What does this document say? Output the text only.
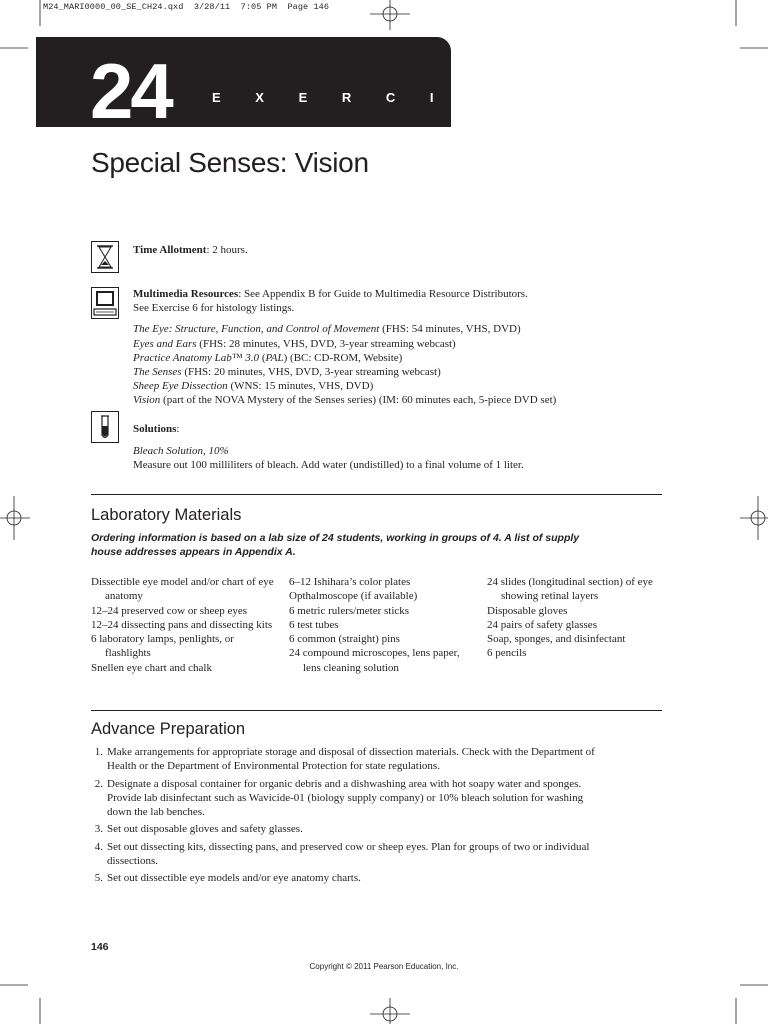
M24_MARI0000_00_SE_CH24.qxd  3/28/11  7:05 PM  Page 146
24	E X E R C I S E
Special Senses: Vision

Time Allotment: 2 hours.

Multimedia Resources: See Appendix B for Guide to Multimedia Resource Distributors.

See Exercise 6 for histology listings.

The Eye: Structure, Function, and Control of Movement (FHS: 54 minutes, VHS, DVD)

Eyes and Ears (FHS: 28 minutes, VHS, DVD, 3-year streaming webcast)

Practice Anatomy Lab™ 3.0 (PAL) (BC: CD-ROM, Website)

The Senses (FHS: 20 minutes, VHS, DVD, 3-year streaming webcast)

Sheep Eye Dissection (WNS: 15 minutes, VHS, DVD)

Vision (part of the NOVA Mystery of the Senses series) (IM: 60 minutes each, 5-piece DVD set)

Solutions:

Bleach Solution, 10%

Measure out 100 milliliters of bleach. Add water (undistilled) to a final volume of 1 liter.

Laboratory Materials

Ordering information is based on a lab size of 24 students, working in groups of 4. A list of supply house addresses appears in Appendix A.

Dissectible eye model and/or chart of eye anatomy
12–24 preserved cow or sheep eyes
12–24 dissecting pans and dissecting kits
6 laboratory lamps, penlights, or flashlights
Snellen eye chart and chalk
6–12 Ishihara’s color plates
Opthalmoscope (if available)
6 metric rulers/meter sticks
6 test tubes
6 common (straight) pins
24 compound microscopes, lens paper, lens cleaning solution
24 slides (longitudinal section) of eye showing retinal layers
Disposable gloves
24 pairs of safety glasses
Soap, sponges, and disinfectant
6 pencils
Advance Preparation
1. Make arrangements for appropriate storage and disposal of dissection materials. Check with the Department of Health or the Department of Environmental Protection for state regulations.
2. Designate a disposal container for organic debris and a dishwashing area with hot soapy water and sponges. Provide lab disinfectant such as Wavicide-01 (biology supply company) or 10% bleach solution for washing down the lab benches.
3. Set out disposable gloves and safety glasses.
4. Set out dissecting kits, dissecting pans, and preserved cow or sheep eyes. Plan for groups of two or individual dissections.
5. Set out dissectible eye models and/or eye anatomy charts.
146
Copyright © 2011 Pearson Education, Inc.
